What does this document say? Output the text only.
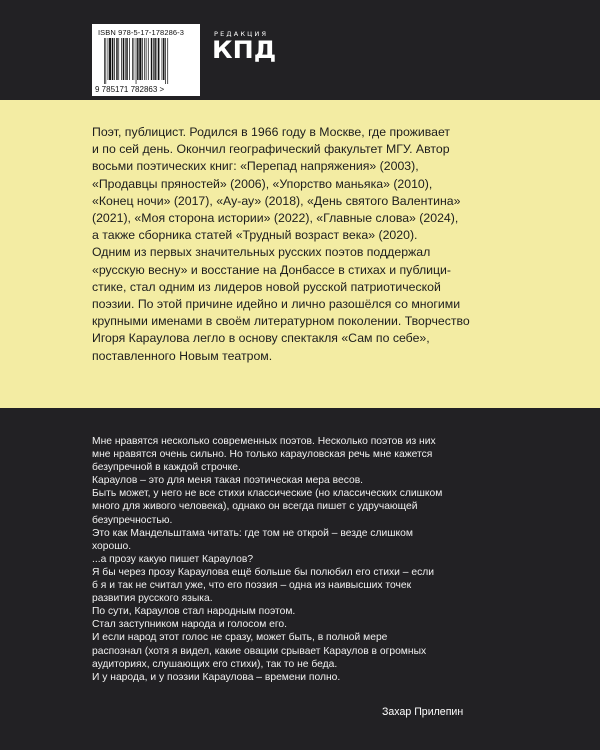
ISBN 978-5-17-178286-3
9 785171 782863 >
РЕДАКЦИЯ
КПД
Поэт, публицист. Родился в 1966 году в Москве, где проживает
и по сей день. Окончил географический факультет МГУ. Автор
восьми поэтических книг: «Перепад напряжения» (2003),
«Продавцы пряностей» (2006), «Упорство маньяка» (2010),
«Конец ночи» (2017), «Ау-ау» (2018), «День святого Валентина»
(2021), «Моя сторона истории» (2022), «Главные слова» (2024),
а также сборника статей «Трудный возраст века» (2020).
Одним из первых значительных русских поэтов поддержал
«русскую весну» и восстание на Донбассе в стихах и публици-
стике, стал одним из лидеров новой русской патриотической
поэзии. По этой причине идейно и лично разошёлся со многими
крупными именами в своём литературном поколении. Творчество
Игоря Караулова легло в основу спектакля «Сам по себе»,
поставленного Новым театром.
Мне нравятся несколько современных поэтов. Несколько поэтов из них
мне нравятся очень сильно. Но только карауловская речь мне кажется
безупречной в каждой строчке.
Караулов – это для меня такая поэтическая мера весов.
Быть может, у него не все стихи классические (но классических слишком
много для живого человека), однако он всегда пишет с удручающей
безупречностью.
Это как Мандельштама читать: где том не открой – везде слишком
хорошо.
...а прозу какую пишет Караулов?
Я бы через прозу Караулова ещё больше бы полюбил его стихи – если
б я и так не считал уже, что его поэзия – одна из наивысших точек
развития русского языка.
По сути, Караулов стал народным поэтом.
Стал заступником народа и голосом его.
И если народ этот голос не сразу, может быть, в полной мере
распознал (хотя я видел, какие овации срывает Караулов в огромных
аудиториях, слушающих его стихи), так то не беда.
И у народа, и у поэзии Караулова – времени полно.
Захар Прилепин
